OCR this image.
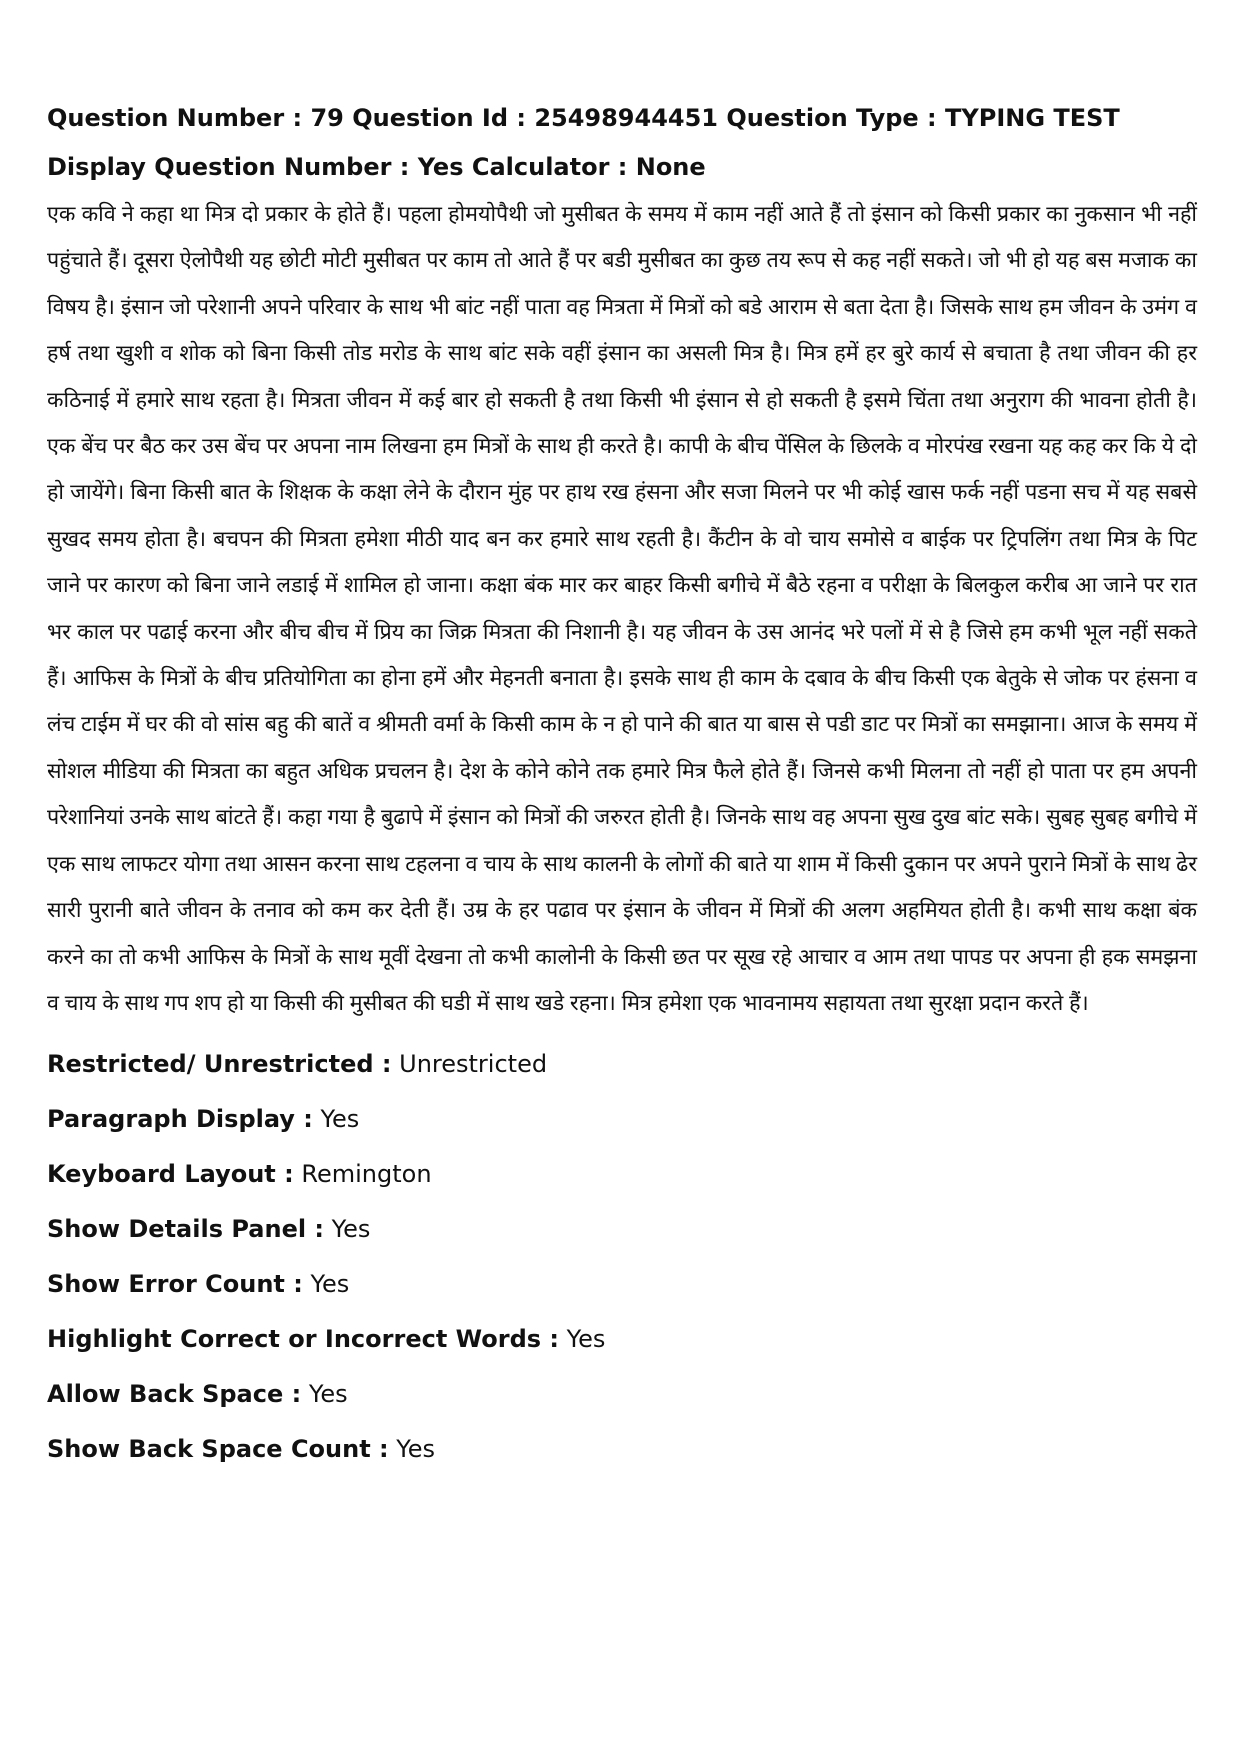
Question Number : 79 Question Id : 25498944451 Question Type : TYPING TEST Display Question Number : Yes Calculator : None

एक कवि ने कहा था मित्र दो प्रकार के होते हैं। पहला होमयोपैथी जो मुसीबत के समय में काम नहीं आते हैं तो इंसान को किसी प्रकार का नुकसान भी नहीं पहुंचाते हैं। दूसरा ऐलोपैथी यह छोटी मोटी मुसीबत पर काम तो आते हैं पर बडी मुसीबत का कुछ तय रूप से कह नहीं सकते। जो भी हो यह बस मजाक का विषय है। इंसान जो परेशानी अपने परिवार के साथ भी बांट नहीं पाता वह मित्रता में मित्रों को बडे आराम से बता देता है। जिसके साथ हम जीवन के उमंग व हर्ष तथा खुशी व शोक को बिना किसी तोड मरोड के साथ बांट सके वहीं इंसान का असली मित्र है। मित्र हमें हर बुरे कार्य से बचाता है तथा जीवन की हर कठिनाई में हमारे साथ रहता है। मित्रता जीवन में कई बार हो सकती है तथा किसी भी इंसान से हो सकती है इसमे चिंता तथा अनुराग की भावना होती है। एक बेंच पर बैठ कर उस बेंच पर अपना नाम लिखना हम मित्रों के साथ ही करते है। कापी के बीच पेंसिल के छिलके व मोरपंख रखना यह कह कर कि ये दो हो जायेंगे। बिना किसी बात के शिक्षक के कक्षा लेने के दौरान मुंह पर हाथ रख हंसना और सजा मिलने पर भी कोई खास फर्क नहीं पडना सच में यह सबसे सुखद समय होता है। बचपन की मित्रता हमेशा मीठी याद बन कर हमारे साथ रहती है। कैंटीन के वो चाय समोसे व बाईक पर ट्रिपलिंग तथा मित्र के पिट जाने पर कारण को बिना जाने लडाई में शामिल हो जाना। कक्षा बंक मार कर बाहर किसी बगीचे में बैठे रहना व परीक्षा के बिलकुल करीब आ जाने पर रात भर काल पर पढाई करना और बीच बीच में प्रिय का जिक्र मित्रता की निशानी है। यह जीवन के उस आनंद भरे पलों में से है जिसे हम कभी भूल नहीं सकते हैं। आफिस के मित्रों के बीच प्रतियोगिता का होना हमें और मेहनती बनाता है। इसके साथ ही काम के दबाव के बीच किसी एक बेतुके से जोक पर हंसना व लंच टाईम में घर की वो सांस बहु की बातें व श्रीमती वर्मा के किसी काम के न हो पाने की बात या बास से पडी डाट पर मित्रों का समझाना। आज के समय में सोशल मीडिया की मित्रता का बहुत अधिक प्रचलन है। देश के कोने कोने तक हमारे मित्र फैले होते हैं। जिनसे कभी मिलना तो नहीं हो पाता पर हम अपनी परेशानियां उनके साथ बांटते हैं। कहा गया है बुढापे में इंसान को मित्रों की जरुरत होती है। जिनके साथ वह अपना सुख दुख बांट सके। सुबह सुबह बगीचे में एक साथ लाफटर योगा तथा आसन करना साथ टहलना व चाय के साथ कालनी के लोगों की बाते या शाम में किसी दुकान पर अपने पुराने मित्रों के साथ ढेर सारी पुरानी बाते जीवन के तनाव को कम कर देती हैं। उम्र के हर पढाव पर इंसान के जीवन में मित्रों की अलग अहमियत होती है। कभी साथ कक्षा बंक करने का तो कभी आफिस के मित्रों के साथ मूवीं देखना तो कभी कालोनी के किसी छत पर सूख रहे आचार व आम तथा पापड पर अपना ही हक समझना व चाय के साथ गप शप हो या किसी की मुसीबत की घडी में साथ खडे रहना। मित्र हमेशा एक भावनामय सहायता तथा सुरक्षा प्रदान करते हैं।

Restricted/ Unrestricted : Unrestricted
Paragraph Display : Yes
Keyboard Layout : Remington
Show Details Panel : Yes
Show Error Count : Yes
Highlight Correct or Incorrect Words : Yes
Allow Back Space : Yes
Show Back Space Count : Yes
